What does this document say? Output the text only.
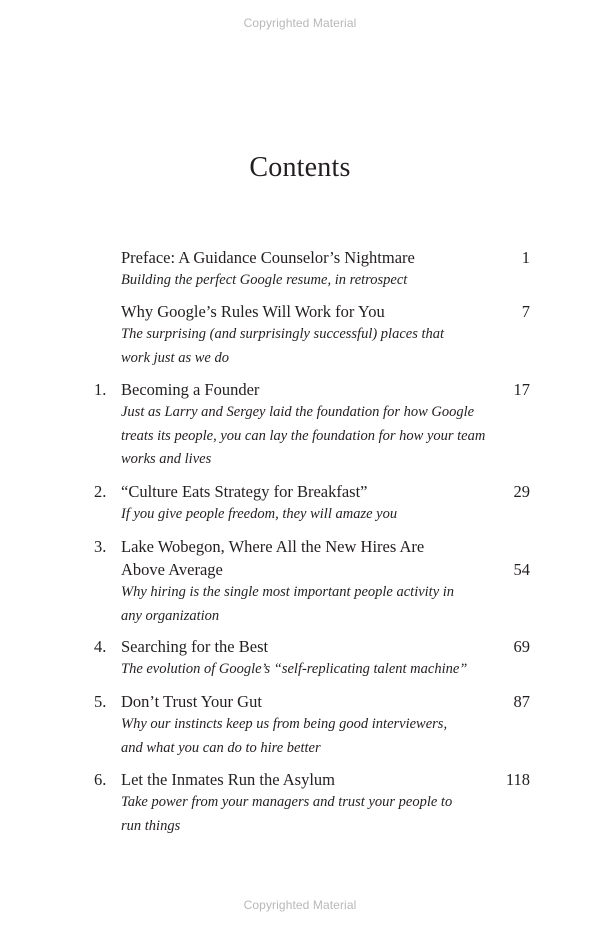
Copyrighted Material
Contents
Preface: A Guidance Counselor’s Nightmare	1
Building the perfect Google resume, in retrospect
Why Google’s Rules Will Work for You	7
The surprising (and surprisingly successful) places that work just as we do
1. Becoming a Founder	17
Just as Larry and Sergey laid the foundation for how Google treats its people, you can lay the foundation for how your team works and lives
2. “Culture Eats Strategy for Breakfast”	29
If you give people freedom, they will amaze you
3. Lake Wobegon, Where All the New Hires Are Above Average	54
Why hiring is the single most important people activity in any organization
4. Searching for the Best	69
The evolution of Google’s “self-replicating talent machine”
5. Don’t Trust Your Gut	87
Why our instincts keep us from being good interviewers, and what you can do to hire better
6. Let the Inmates Run the Asylum	118
Take power from your managers and trust your people to run things
Copyrighted Material
